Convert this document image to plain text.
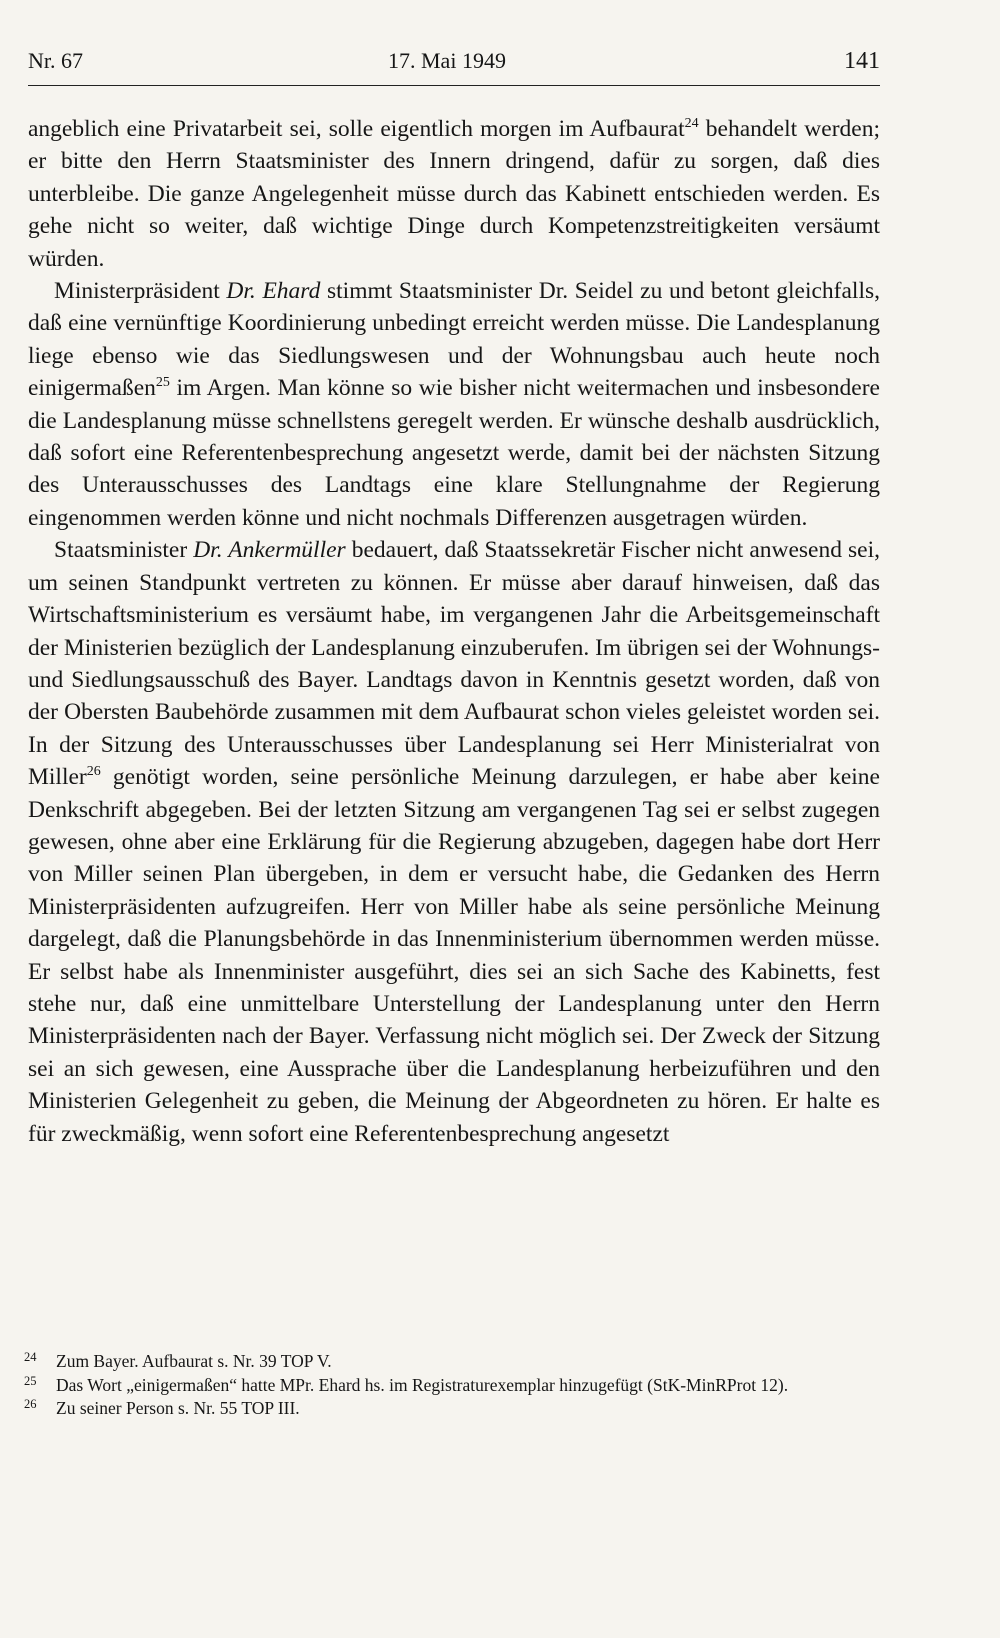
Nr. 67	17. Mai 1949	141

angeblich eine Privatarbeit sei, solle eigentlich morgen im Aufbaurat$^{24}$ behandelt werden; er bitte den Herrn Staatsminister des Innern dringend, dafür zu sorgen, daß dies unterbleibe. Die ganze Angelegenheit müsse durch das Kabinett entschieden werden. Es gehe nicht so weiter, daß wichtige Dinge durch Kompetenzstreitigkeiten versäumt würden.

Ministerpräsident Dr. Ehard stimmt Staatsminister Dr. Seidel zu und betont gleichfalls, daß eine vernünftige Koordinierung unbedingt erreicht werden müsse. Die Landesplanung liege ebenso wie das Siedlungswesen und der Wohnungsbau auch heute noch einigermaßen$^{25}$ im Argen. Man könne so wie bisher nicht weitermachen und insbesondere die Landesplanung müsse schnellstens geregelt werden. Er wünsche deshalb ausdrücklich, daß sofort eine Referentenbesprechung angesetzt werde, damit bei der nächsten Sitzung des Unterausschusses des Landtags eine klare Stellungnahme der Regierung eingenommen werden könne und nicht nochmals Differenzen ausgetragen würden.

Staatsminister Dr. Ankermüller bedauert, daß Staatssekretär Fischer nicht anwesend sei, um seinen Standpunkt vertreten zu können. Er müsse aber darauf hinweisen, daß das Wirtschaftsministerium es versäumt habe, im vergangenen Jahr die Arbeitsgemeinschaft der Ministerien bezüglich der Landesplanung einzuberufen. Im übrigen sei der Wohnungs- und Siedlungsausschuß des Bayer. Landtags davon in Kenntnis gesetzt worden, daß von der Obersten Baubehörde zusammen mit dem Aufbaurat schon vieles geleistet worden sei. In der Sitzung des Unterausschusses über Landesplanung sei Herr Ministerialrat von Miller$^{26}$ genötigt worden, seine persönliche Meinung darzulegen, er habe aber keine Denkschrift abgegeben. Bei der letzten Sitzung am vergangenen Tag sei er selbst zugegen gewesen, ohne aber eine Erklärung für die Regierung abzugeben, dagegen habe dort Herr von Miller seinen Plan übergeben, in dem er versucht habe, die Gedanken des Herrn Ministerpräsidenten aufzugreifen. Herr von Miller habe als seine persönliche Meinung dargelegt, daß die Planungsbehörde in das Innenministerium übernommen werden müsse. Er selbst habe als Innenminister ausgeführt, dies sei an sich Sache des Kabinetts, fest stehe nur, daß eine unmittelbare Unterstellung der Landesplanung unter den Herrn Ministerpräsidenten nach der Bayer. Verfassung nicht möglich sei. Der Zweck der Sitzung sei an sich gewesen, eine Aussprache über die Landesplanung herbeizuführen und den Ministerien Gelegenheit zu geben, die Meinung der Abgeordneten zu hören. Er halte es für zweckmäßig, wenn sofort eine Referentenbesprechung angesetzt

24 Zum Bayer. Aufbaurat s. Nr. 39 TOP V.
25 Das Wort „einigermaßen“ hatte MPr. Ehard hs. im Registraturexemplar hinzugefügt (StK-MinRProt 12).
26 Zu seiner Person s. Nr. 55 TOP III.
